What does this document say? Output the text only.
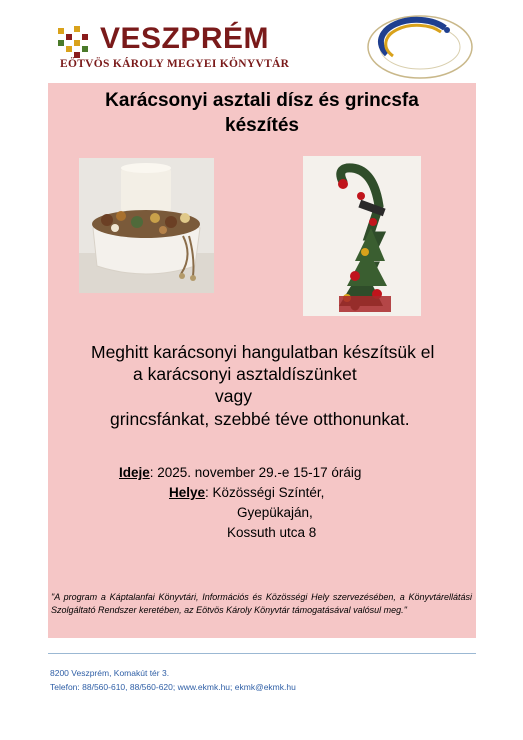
VESZPRÉM
EÖTVÖS KÁROLY MEGYEI KÖNYVTÁR
Karácsonyi asztali dísz és grincsfa
készítés
Meghitt karácsonyi hangulatban készítsük el
a karácsonyi asztaldíszünket
vagy
grincsfánkat, szebbé téve otthonunkat.
Ideje: 2025. november 29.-e 15-17 óráig
Helye: Közösségi Színtér,
Gyepükaján,
Kossuth utca 8
"A program a Káptalanfai Könyvtári, Információs és Közösségi Hely szervezésében, a Könyvtárellátási Szolgáltató Rendszer keretében, az Eötvös Károly Könyvtár támogatásával valósul meg."
8200 Veszprém, Komakút tér 3.
Telefon: 88/560-610, 88/560-620; www.ekmk.hu; ekmk@ekmk.hu
